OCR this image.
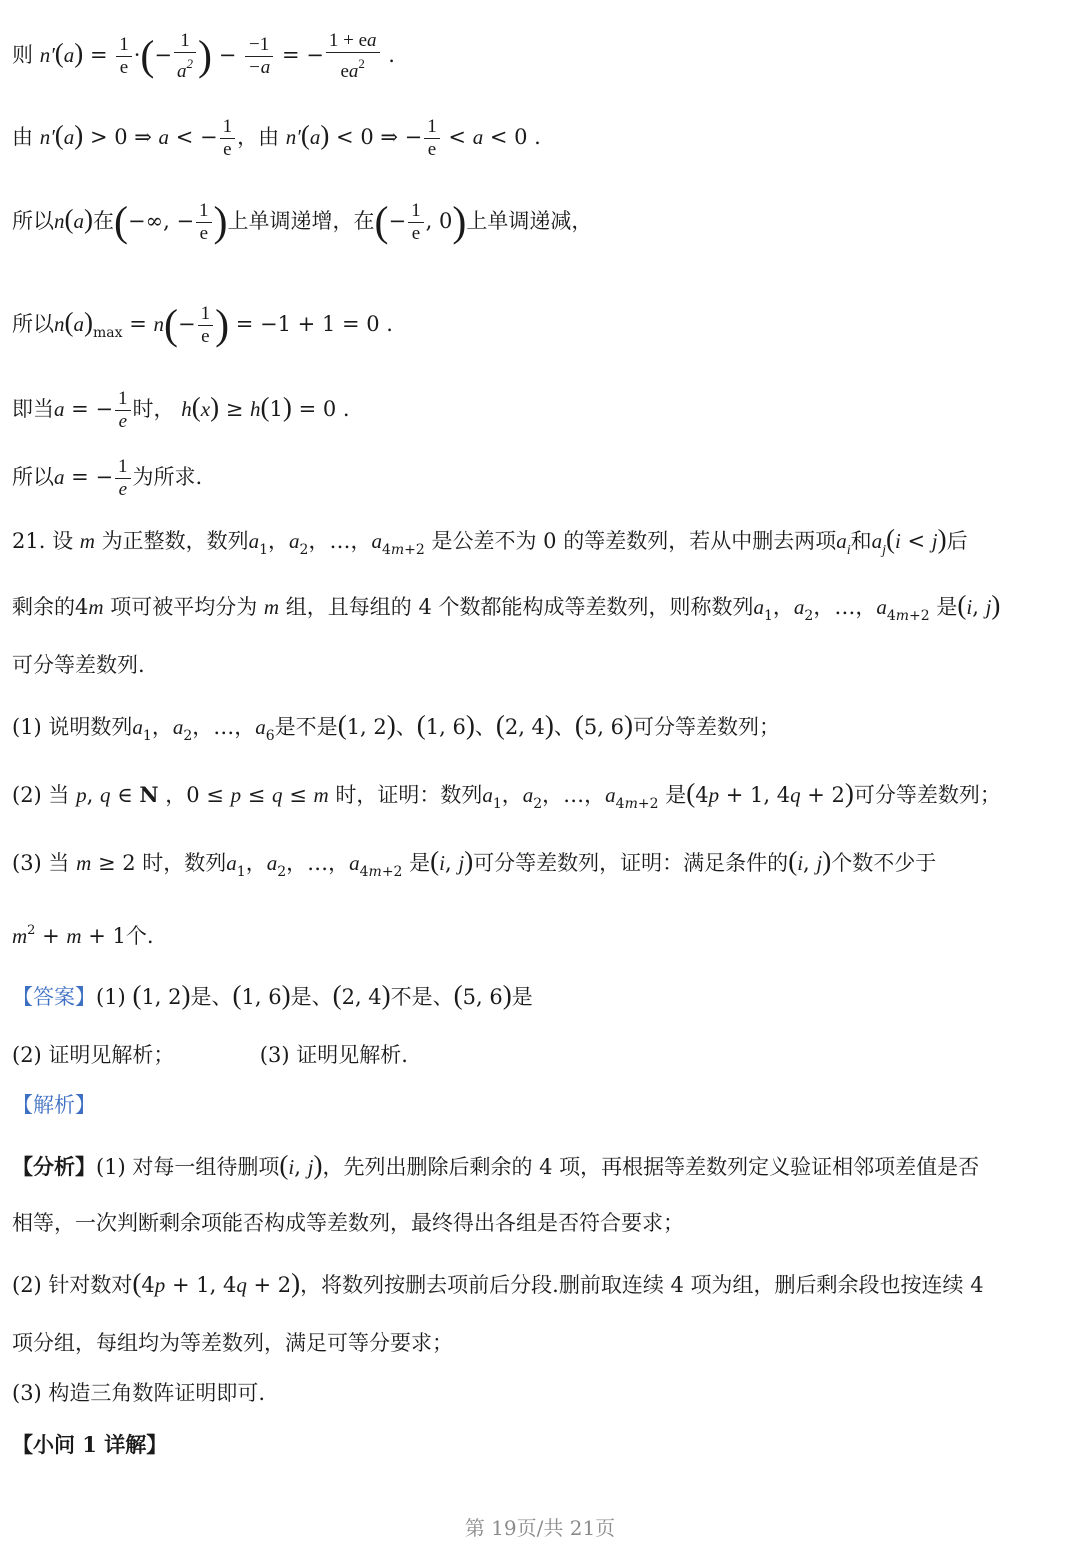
则 $n'(a) = \frac{1}{e}$ ·(− $\frac{1}{a^2}$ ) − $\frac{-1}{-a}$ = − $\frac{1 + ea}{ea^2}$ .
由 n′(a) > 0 ⇒ a < − $\frac{1}{e}$ ，由 n′(a) < 0 ⇒ − $\frac{1}{e} < a < 0$ .
所以n(a)在(−∞, − $\frac{1}{e}$ )上单调递增，在(− $\frac{1}{e}$ , 0)上单调递减，
所以$n(a)_{max} = n(- \frac{1}{e}$ ) = −1 + 1 = 0 .
即当a = − $\frac{1}{e}$ 时， h(x) ≥ h(1) = 0 .
所以a = − $\frac{1}{e}$ 为所求.
21. 设 m 为正整数，数列$a_1$，$a_2$，…，$a_{4m+2}$ 是公差不为 0 的等差数列，若从中删去两项$a_i$和$a_j(i < j)$后
剩余的4m 项可被平均分为 m 组，且每组的 4 个数都能构成等差数列，则称数列$a_1$，$a_2$，…，$a_{4m+2}$ 是(i, j)
可分等差数列.
(1) 说明数列$a_1$，$a_2$，…，$a_6$是不是(1, 2)、(1, 6)、(2, 4)、(5, 6)可分等差数列；
(2) 当 p, q ∈ N ，0 ≤ p ≤ q ≤ m 时，证明：数列$a_1$，$a_2$，…，$a_{4m+2}$ 是(4p + 1, 4q + 2)可分等差数列；
(3) 当 m ≥ 2 时，数列$a_1$，$a_2$，…，$a_{4m+2}$ 是(i, j)可分等差数列，证明：满足条件的(i, j)个数不少于
$m^2 + m + 1$个.
【答案】(1) (1, 2)是、(1, 6)是、(2, 4)不是、(5, 6)是
(2) 证明见解析；	(3) 证明见解析.
【解析】
【分析】(1) 对每一组待删项(i, j)，先列出删除后剩余的 4 项，再根据等差数列定义验证相邻项差值是否
相等，一次判断剩余项能否构成等差数列，最终得出各组是否符合要求；
(2) 针对数对(4p + 1, 4q + 2)，将数列按删去项前后分段.删前取连续 4 项为组，删后剩余段也按连续 4
项分组，每组均为等差数列，满足可等分要求；
(3) 构造三角数阵证明即可.
【小问 1 详解】
第 19页/共 21页
